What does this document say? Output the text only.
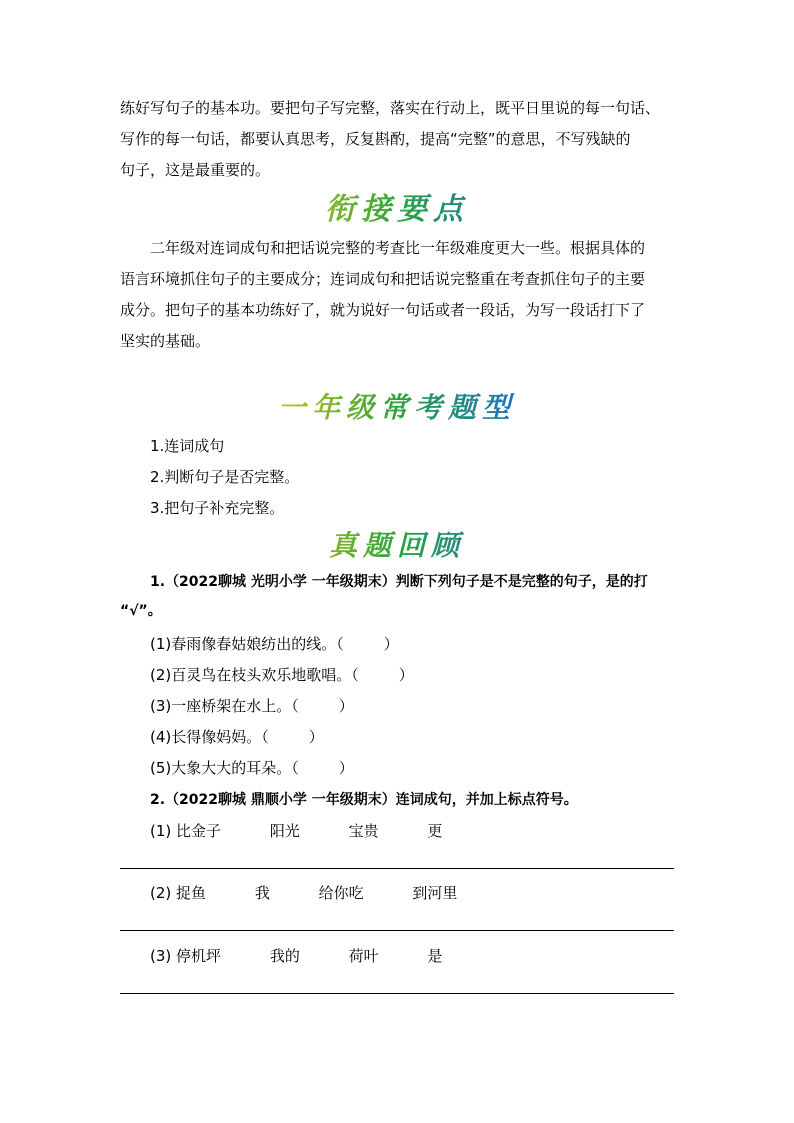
练好写句子的基本功。要把句子写完整，落实在行动上，既平日里说的每一句话、
写作的每一句话，都要认真思考，反复斟酌，提高“完整”的意思，不写残缺的
句子，这是最重要的。
衔接要点
二年级对连词成句和把话说完整的考查比一年级难度更大一些。根据具体的
语言环境抓住句子的主要成分；连词成句和把话说完整重在考查抓住句子的主要
成分。把句子的基本功练好了，就为说好一句话或者一段话，为写一段话打下了
坚实的基础。
一年级常考题型
1.连词成句
2.判断句子是否完整。
3.把句子补充完整。
真题回顾
1.（2022聊城 光明小学 一年级期末）判断下列句子是不是完整的句子，是的打
“√”。
(1)春雨像春姑娘纺出的线。（	）
(2)百灵鸟在枝头欢乐地歌唱。（	）
(3)一座桥架在水上。（	）
(4)长得像妈妈。（	）
(5)大象大大的耳朵。（	）
2.（2022聊城 鼎顺小学 一年级期末）连词成句，并加上标点符号。
(1) 比金子	阳光	宝贵	更
(2) 捉鱼	我	给你吃	到河里
(3) 停机坪	我的	荷叶	是
